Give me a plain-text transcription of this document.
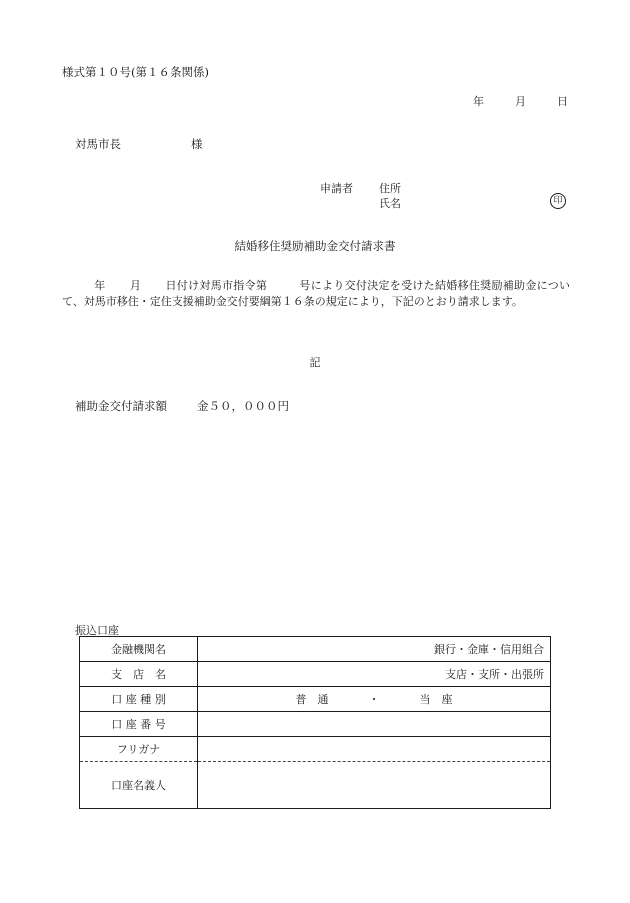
様式第１０号(第１６条関係)
年	月	日
対馬市長	様
申請者 住所
氏名	印
結婚移住奨励補助金交付請求書
年 月 日付け対馬市指令第	号により交付決定を受けた結婚移住奨励補助金について、対馬市移住・定住支援補助金交付要綱第１６条の規定により，下記のとおり請求します。
記
補助金交付請求額	金５０，０００円
振込口座
金融機関名	銀行・金庫・信用組合
支　店　名	支店・支所・出張所
口 座 種 別	普　通 ・ 当　座
口 座 番 号	
フリガナ	
口座名義人	
